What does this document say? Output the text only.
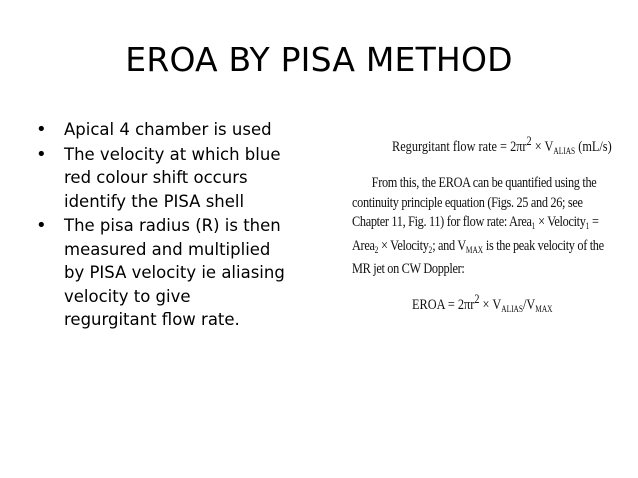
EROA BY PISA METHOD
• Apical 4 chamber is used
• The velocity at which blue
red colour shift occurs
identify the PISA shell
• The pisa radius (R) is then
measured and multiplied
by PISA velocity ie aliasing
velocity to give
regurgitant flow rate.
Regurgitant flow rate = $2\pi r^2 \times V_{ALIAS}$ (mL/s)
From this, the EROA can be quantified using the
continuity principle equation (Figs. 25 and 26; see
Chapter 11, Fig. 11) for flow rate: Area$_1$ × Velocity$_1$ =
Area$_2$ × Velocity$_2$; and $V_{MAX}$ is the peak velocity of the
MR jet on CW Doppler:
EROA = $2\pi r^2 \times V_{ALIAS}/V_{MAX}$
